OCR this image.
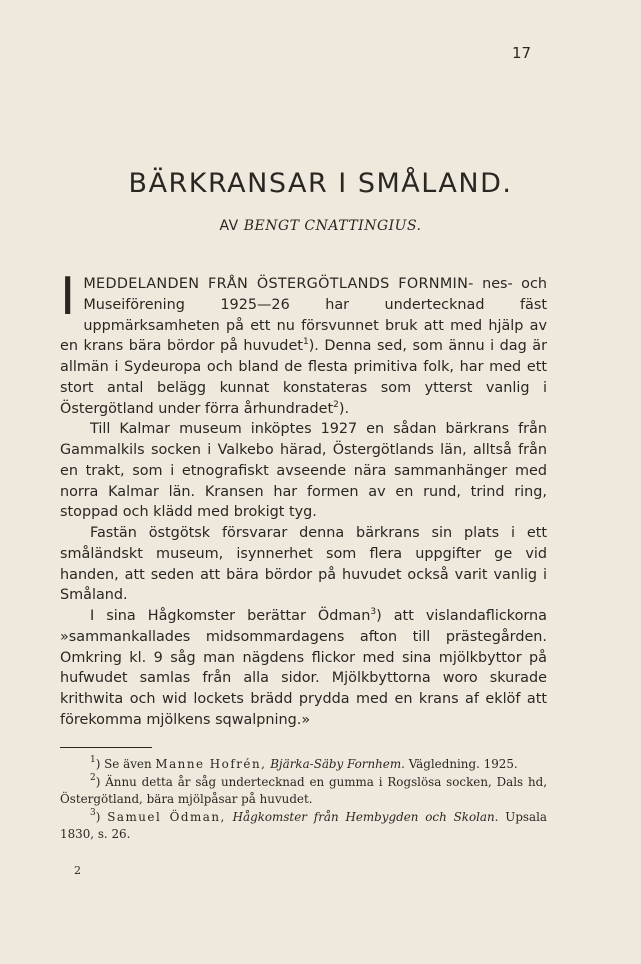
17
BÄRKRANSAR I SMÅLAND.
AV BENGT CNATTINGIUS.

IMEDDELANDEN FRÅN ÖSTERGÖTLANDS FORNMIN- nes- och Museiförening 1925—26 har undertecknad fäst uppmärksamheten på ett nu försvunnet bruk att med hjälp av en krans bära bördor på huvudet$^1$). Denna sed, som ännu i dag är allmän i Sydeuropa och bland de flesta primitiva folk, har med ett stort antal belägg kunnat konstateras som ytterst vanlig i Östergötland under förra århundradet$^2$).

Till Kalmar museum inköptes 1927 en sådan bärkrans från Gammalkils socken i Valkebo härad, Östergötlands län, alltså från en trakt, som i etnografiskt avseende nära sammanhänger med norra Kalmar län. Kransen har formen av en rund, trind ring, stoppad och klädd med brokigt tyg.

Fastän östgötsk försvarar denna bärkrans sin plats i ett småländskt museum, isynnerhet som flera uppgifter ge vid handen, att seden att bära bördor på huvudet också varit vanlig i Småland.

I sina Hågkomster berättar Ödman$^3$) att vislandaflickorna »sammankallades midsommardagens afton till prästegården. Omkring kl. 9 såg man nägdens flickor med sina mjölkbyttor på hufwudet samlas från alla sidor. Mjölkbyttorna woro skurade krithwita och wid lockets brädd prydda med en krans af eklöf att förekomma mjölkens sqwalpning.»

$^1$) Se även Manne Hofrén, Bjärka-Säby Fornhem. Vägledning. 1925.

$^2$) Ännu detta år såg undertecknad en gumma i Rogslösa socken, Dals hd, Östergötland, bära mjölpåsar på huvudet.

$^3$) Samuel Ödman, Hågkomster från Hembygden och Skolan. Upsala 1830, s. 26.

2
